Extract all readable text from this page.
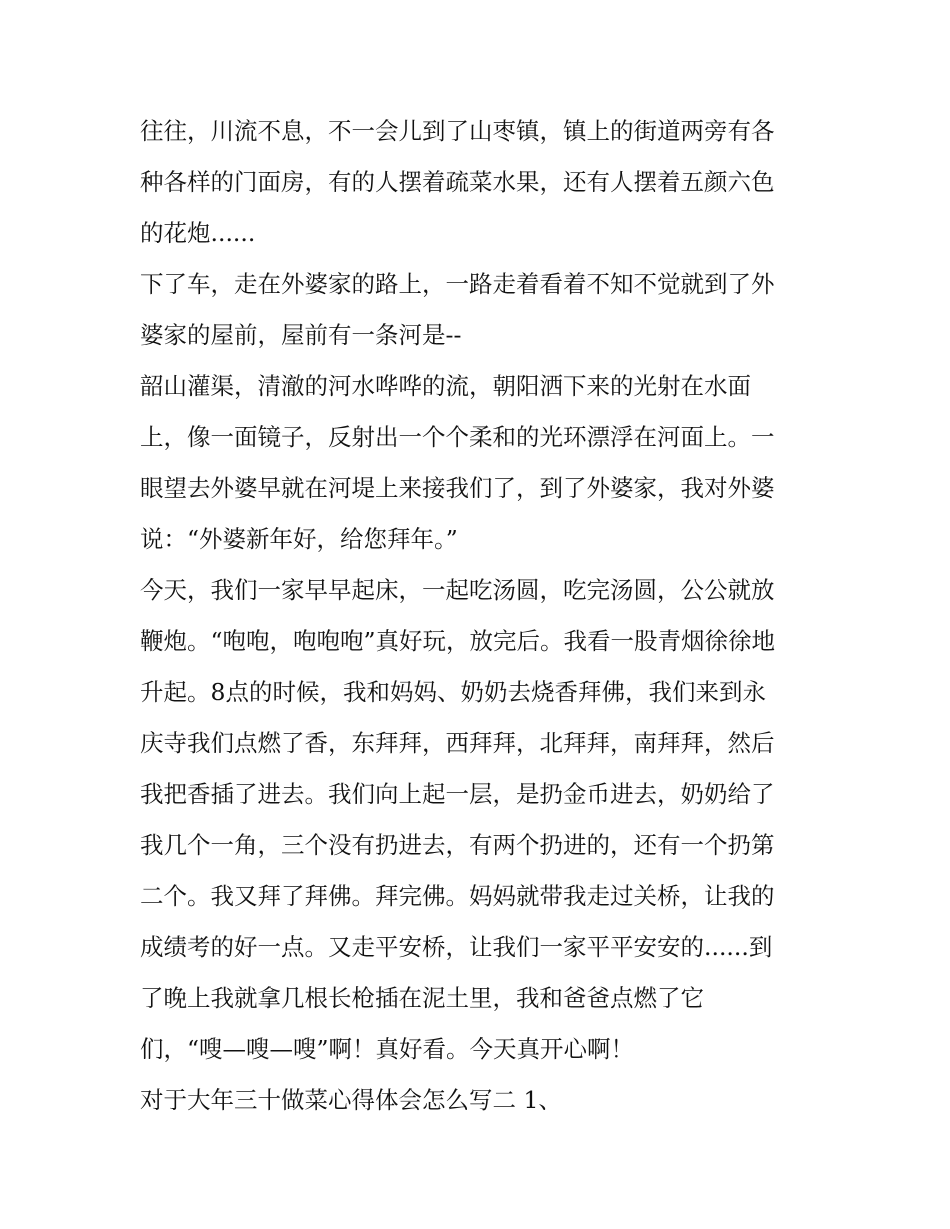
往往，川流不息，不一会儿到了山枣镇，镇上的街道两旁有各

种各样的门面房，有的人摆着疏菜水果，还有人摆着五颜六色

的花炮......

下了车，走在外婆家的路上，一路走着看着不知不觉就到了外

婆家的屋前，屋前有一条河是--

韶山灌渠，清澈的河水哗哗的流，朝阳洒下来的光射在水面

上，像一面镜子，反射出一个个柔和的光环漂浮在河面上。一

眼望去外婆早就在河堤上来接我们了，到了外婆家，我对外婆

说：“外婆新年好，给您拜年。”

今天，我们一家早早起床，一起吃汤圆，吃完汤圆，公公就放

鞭炮。“咆咆，咆咆咆”真好玩，放完后。我看一股青烟徐徐地

升起。8点的时候，我和妈妈、奶奶去烧香拜佛，我们来到永

庆寺我们点燃了香，东拜拜，西拜拜，北拜拜，南拜拜，然后

我把香插了进去。我们向上起一层，是扔金币进去，奶奶给了

我几个一角，三个没有扔进去，有两个扔进的，还有一个扔第

二个。我又拜了拜佛。拜完佛。妈妈就带我走过关桥，让我的

成绩考的好一点。又走平安桥，让我们一家平平安安的......到

了晚上我就拿几根长枪插在泥土里，我和爸爸点燃了它

们，“嗖—嗖—嗖”啊！真好看。今天真开心啊！

对于大年三十做菜心得体会怎么写二 1、
